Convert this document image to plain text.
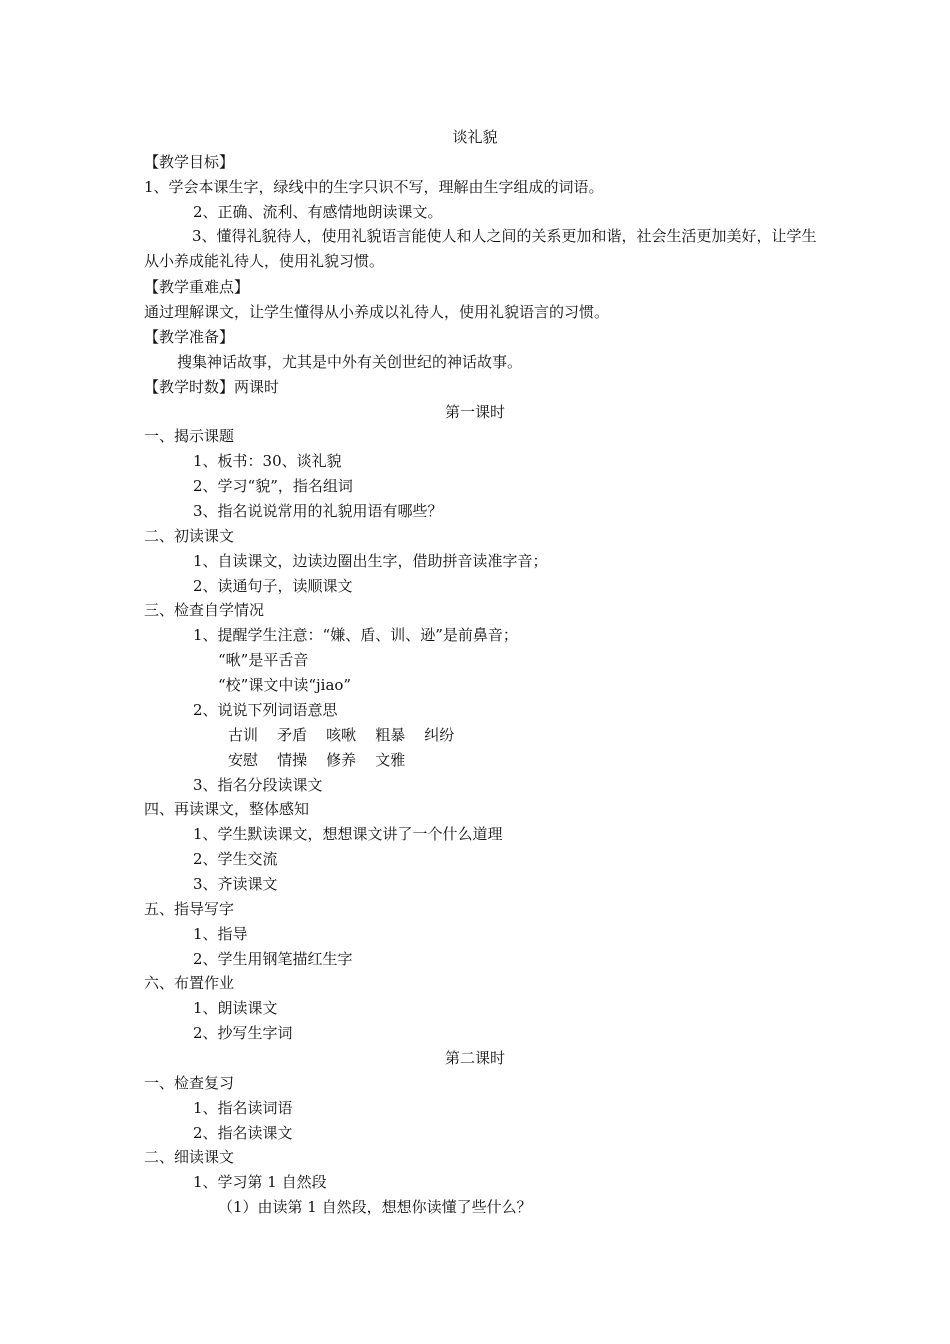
谈礼貌
【教学目标】
1、学会本课生字，绿线中的生字只识不写，理解由生字组成的词语。
2、正确、流利、有感情地朗读课文。
3、懂得礼貌待人，使用礼貌语言能使人和人之间的关系更加和谐，社会生活更加美好，让学生从小养成能礼待人，使用礼貌习惯。
【教学重难点】
通过理解课文，让学生懂得从小养成以礼待人，使用礼貌语言的习惯。
【教学准备】
搜集神话故事，尤其是中外有关创世纪的神话故事。
【教学时数】两课时
第一课时
一、揭示课题
1、板书：30、谈礼貌
2、学习“貌”，指名组词
3、指名说说常用的礼貌用语有哪些？
二、初读课文
1、自读课文，边读边圈出生字，借助拼音读准字音；
2、读通句子，读顺课文
三、检查自学情况
1、提醒学生注意：“嫌、盾、训、逊”是前鼻音；
“啾”是平舌音
“校”课文中读“jiao”
2、说说下列词语意思
古训    矛盾    咳啾    粗暴    纠纷
安慰    情操    修养    文雅
3、指名分段读课文
四、再读课文，整体感知
1、学生默读课文，想想课文讲了一个什么道理
2、学生交流
3、齐读课文
五、指导写字
1、指导
2、学生用钢笔描红生字
六、布置作业
1、朗读课文
2、抄写生字词
第二课时
一、检查复习
1、指名读词语
2、指名读课文
二、细读课文
1、学习第 1 自然段
（1）由读第 1 自然段，想想你读懂了些什么？
